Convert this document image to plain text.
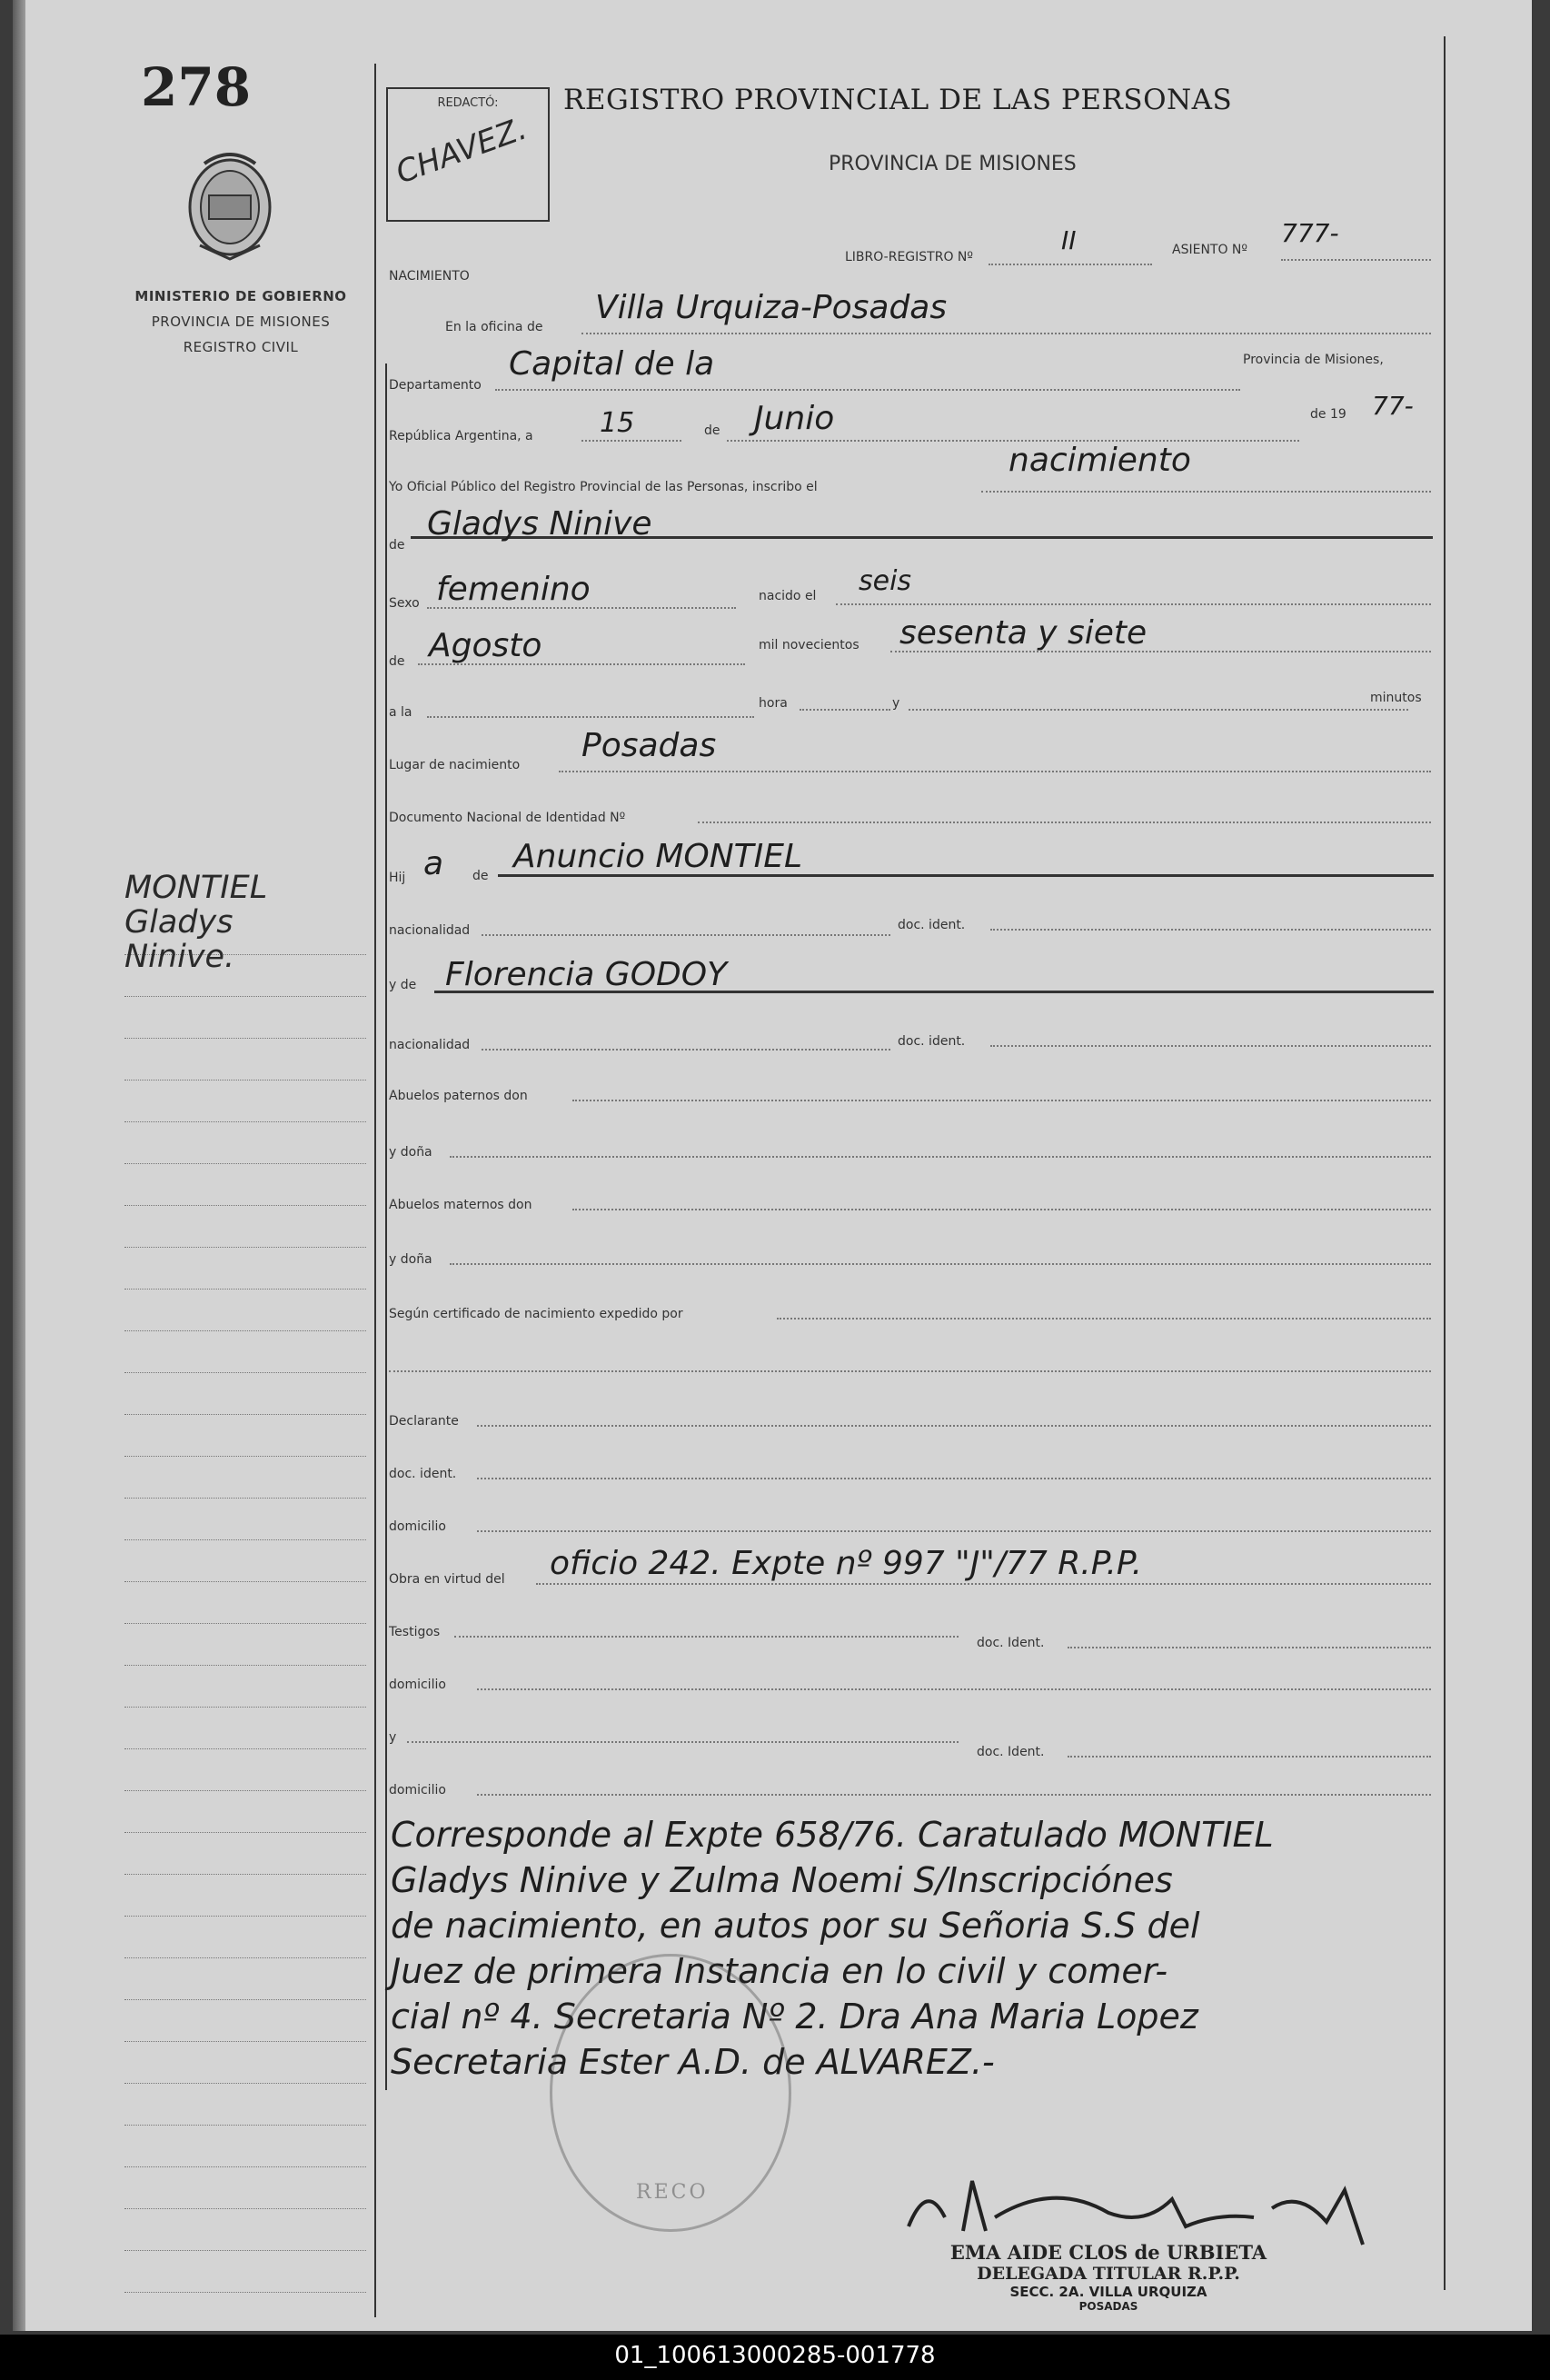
278
MINISTERIO DE GOBIERNO
PROVINCIA DE MISIONES
REGISTRO CIVIL
MONTIEL
Gladys
Ninive.
REDACTÓ:
CHAVEZ.
REGISTRO PROVINCIAL DE LAS PERSONAS
PROVINCIA DE MISIONES
LIBRO-REGISTRO Nº
II	ASIENTO Nº
777-
NACIMIENTO
En la oficina de
Villa Urquiza-Posadas
Departamento
Capital de la	Provincia de Misiones,
República Argentina, a 15	de Junio	de 19 77-
Yo Oficial Público del Registro Provincial de las Personas, inscribo el
nacimiento
de
Gladys Ninive
Sexo femenino	nacido el seis
de Agosto	mil novecientos sesenta y siete
a la
hora	y	minutos
Lugar de nacimiento
Posadas
Documento Nacional de Identidad Nº
Hij a de
Anuncio MONTIEL
nacionalidad	doc. ident.
y de Florencia GODOY
nacionalidad	doc. ident.
Abuelos paternos don
y doña
Abuelos maternos don
y doña
Según certificado de nacimiento expedido por
Declarante
doc. ident.
domicilio
Obra en virtud del oficio 242. Expte nº 997 "J"/77 R.P.P.
Testigos
doc. Ident.
domicilio
y
doc. Ident.
domicilio
Corresponde al Expte 658/76. Caratulado MONTIEL
Gladys Ninive y Zulma Noemi S/Inscripciónes
de nacimiento, en autos por su Señoria S.S del
Juez de primera Instancia en lo civil y comer-
cial nº 4. Secretaria Nº 2. Dra Ana Maria Lopez
Secretaria Ester A.D. de ALVAREZ.-
RECO
EMA AIDE CLOS de URBIETA
DELEGADA TITULAR R.P.P.
SECC. 2A. VILLA URQUIZA
POSADAS
01_100613000285-001778
